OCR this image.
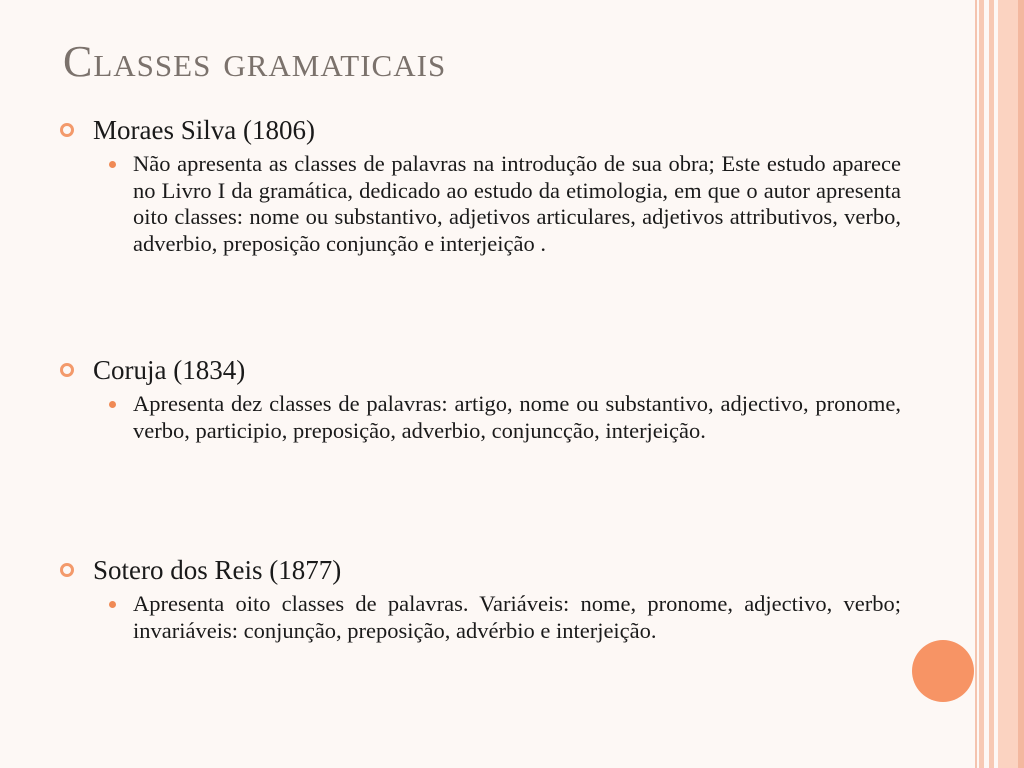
Classes gramaticais
Moraes Silva (1806)
Não apresenta as classes de palavras na introdução de sua obra; Este estudo aparece no Livro I da gramática, dedicado ao estudo da etimologia, em que o autor apresenta oito classes: nome ou substantivo, adjetivos articulares, adjetivos attributivos, verbo, adverbio, preposição conjunção e interjeição .
Coruja (1834)
Apresenta dez classes de palavras: artigo, nome ou substantivo, adjectivo, pronome, verbo, participio, preposição, adverbio, conjuncção, interjeição.
Sotero dos Reis (1877)
Apresenta oito classes de palavras. Variáveis: nome, pronome, adjectivo, verbo; invariáveis: conjunção, preposição, advérbio e interjeição.
